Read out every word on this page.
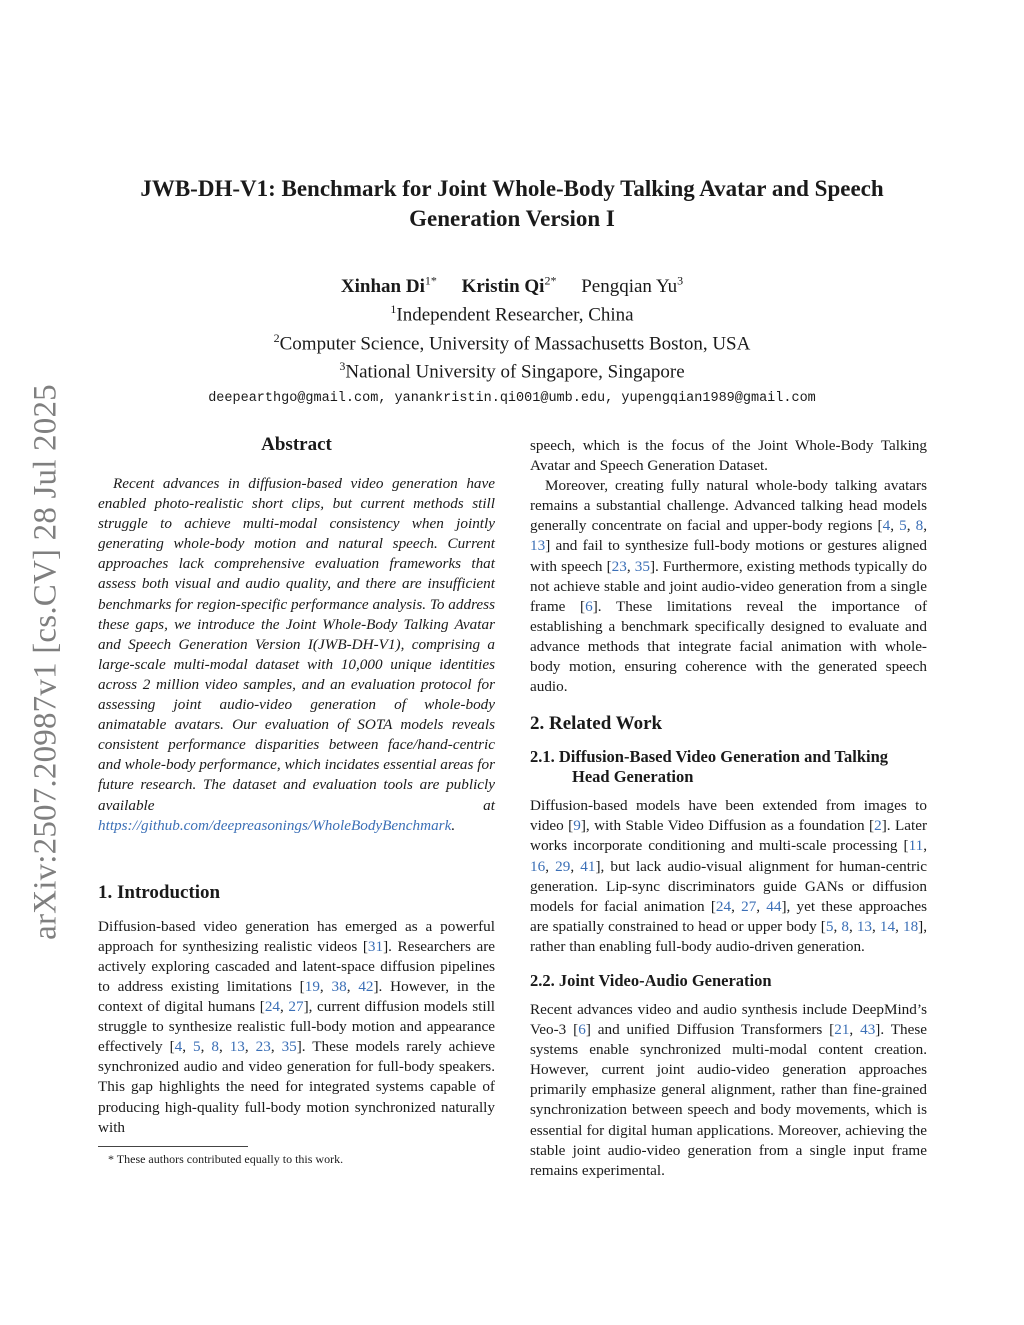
arXiv:2507.20987v1 [cs.CV] 28 Jul 2025
JWB-DH-V1: Benchmark for Joint Whole-Body Talking Avatar and Speech
Generation Version I
Xinhan $Di^{1*}$ Kristin $Qi^{2*}$ Pengqian Yu$^3$
$^1$Independent Researcher, China
$^2$Computer Science, University of Massachusetts Boston, USA
$^3$National University of Singapore, Singapore
deepearthgo@gmail.com, yanankristin.qi001@umb.edu, yupengqian1989@gmail.com
Abstract

Recent advances in diffusion-based video generation have enabled photo-realistic short clips, but current methods still struggle to achieve multi-modal consistency when jointly generating whole-body motion and natural speech. Current approaches lack comprehensive evaluation frameworks that assess both visual and audio quality, and there are insufficient benchmarks for region-specific performance analysis. To address these gaps, we introduce the Joint Whole-Body Talking Avatar and Speech Generation Version I(JWB-DH-V1), comprising a large-scale multi-modal dataset with 10,000 unique identities across 2 million video samples, and an evaluation protocol for assessing joint audio-video generation of whole-body animatable avatars. Our evaluation of SOTA models reveals consistent performance disparities between face/hand-centric and whole-body performance, which incidates essential areas for future research. The dataset and evaluation tools are publicly available at https://github.com/deepreasonings/WholeBodyBenchmark.

1. Introduction

Diffusion-based video generation has emerged as a powerful approach for synthesizing realistic videos [31]. Researchers are actively exploring cascaded and latent-space diffusion pipelines to address existing limitations [19, 38, 42]. However, in the context of digital humans [24, 27], current diffusion models still struggle to synthesize realistic full-body motion and appearance effectively [4, 5, 8, 13, 23, 35]. These models rarely achieve synchronized audio and video generation for full-body speakers. This gap highlights the need for integrated systems capable of producing high-quality full-body motion synchronized naturally with

* These authors contributed equally to this work.

speech, which is the focus of the Joint Whole-Body Talking Avatar and Speech Generation Dataset.

Moreover, creating fully natural whole-body talking avatars remains a substantial challenge. Advanced talking head models generally concentrate on facial and upper-body regions [4, 5, 8, 13] and fail to synthesize full-body motions or gestures aligned with speech [23, 35]. Furthermore, existing methods typically do not achieve stable and joint audio-video generation from a single frame [6]. These limitations reveal the importance of establishing a benchmark specifically designed to evaluate and advance methods that integrate facial animation with whole-body motion, ensuring coherence with the generated speech audio.

2. Related Work
2.1. Diffusion-Based Video Generation and Talking Head Generation

Diffusion-based models have been extended from images to video [9], with Stable Video Diffusion as a foundation [2]. Later works incorporate conditioning and multi-scale processing [11, 16, 29, 41], but lack audio-visual alignment for human-centric generation. Lip-sync discriminators guide GANs or diffusion models for facial animation [24, 27, 44], yet these approaches are spatially constrained to head or upper body [5, 8, 13, 14, 18], rather than enabling full-body audio-driven generation.

2.2. Joint Video-Audio Generation

Recent advances video and audio synthesis include DeepMind’s Veo-3 [6] and unified Diffusion Transformers [21, 43]. These systems enable synchronized multi-modal content creation. However, current joint audio-video generation approaches primarily emphasize general alignment, rather than fine-grained synchronization between speech and body movements, which is essential for digital human applications. Moreover, achieving the stable joint audio-video generation from a single input frame remains experimental.
